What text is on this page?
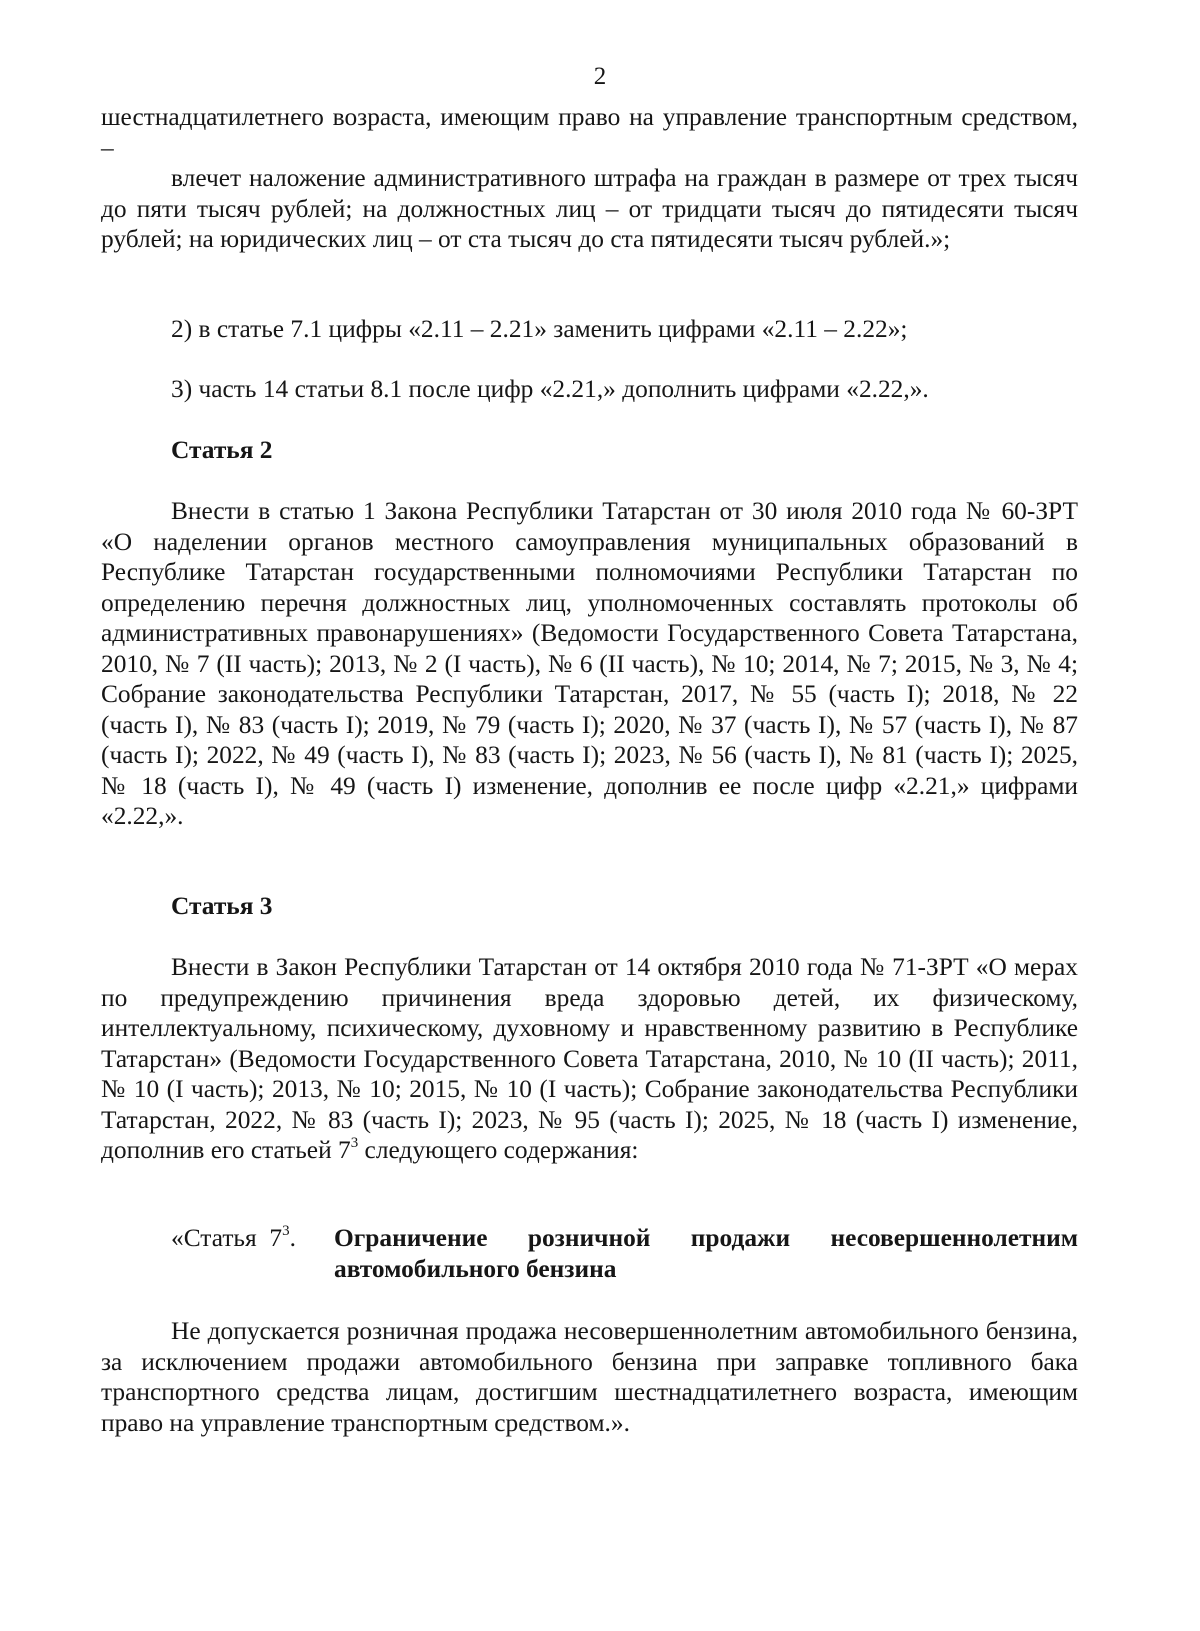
2

шестнадцатилетнего возраста, имеющим право на управление транспортным средством, –

влечет наложение административного штрафа на граждан в размере от трех тысяч до пяти тысяч рублей; на должностных лиц – от тридцати тысяч до пятидесяти тысяч рублей; на юридических лиц – от ста тысяч до ста пятидесяти тысяч рублей.»;

2) в статье 7.1 цифры «2.11 – 2.21» заменить цифрами «2.11 – 2.22»;

3) часть 14 статьи 8.1 после цифр «2.21,» дополнить цифрами «2.22,».

Статья 2

Внести в статью 1 Закона Республики Татарстан от 30 июля 2010 года № 60-ЗРТ «О наделении органов местного самоуправления муниципальных образований в Республике Татарстан государственными полномочиями Республики Татарстан по определению перечня должностных лиц, уполномоченных составлять протоколы об административных правонарушениях» (Ведомости Государственного Совета Татарстана, 2010, № 7 (II часть); 2013, № 2 (I часть), № 6 (II часть), № 10; 2014, № 7; 2015, № 3, № 4; Собрание законодательства Республики Татарстан, 2017, № 55 (часть I); 2018, № 22 (часть I), № 83 (часть I); 2019, № 79 (часть I); 2020, № 37 (часть I), № 57 (часть I), № 87 (часть I); 2022, № 49 (часть I), № 83 (часть I); 2023, № 56 (часть I), № 81 (часть I); 2025, № 18 (часть I), № 49 (часть I) изменение, дополнив ее после цифр «2.21,» цифрами «2.22,».

Статья 3

Внести в Закон Республики Татарстан от 14 октября 2010 года № 71-ЗРТ «О мерах по предупреждению причинения вреда здоровью детей, их физическому, интеллектуальному, психическому, духовному и нравственному развитию в Республике Татарстан» (Ведомости Государственного Совета Татарстана, 2010, № 10 (II часть); 2011, № 10 (I часть); 2013, № 10; 2015, № 10 (I часть); Собрание законодательства Республики Татарстан, 2022, № 83 (часть I); 2023, № 95 (часть I); 2025, № 18 (часть I) изменение, дополнив его статьей $7^3$ следующего содержания:

«Статья  $7^3$.	Ограничение розничной продажи несовершеннолетним автомобильного бензина

Не допускается розничная продажа несовершеннолетним автомобильного бензина, за исключением продажи автомобильного бензина при заправке топливного бака транспортного средства лицам, достигшим шестнадцатилетнего возраста, имеющим право на управление транспортным средством.».
